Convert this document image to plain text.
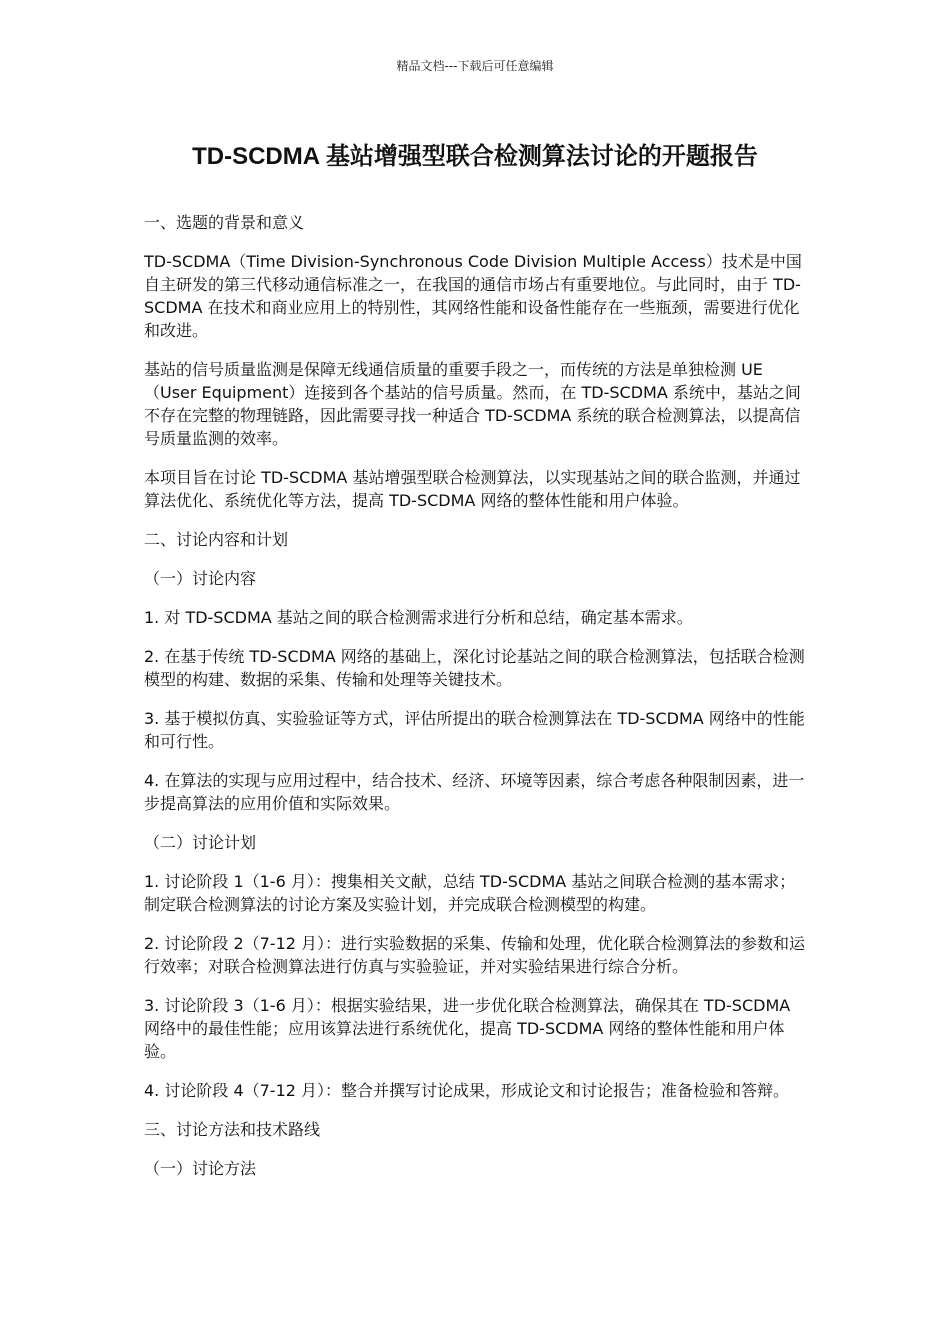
精品文档---下载后可任意编辑
TD-SCDMA 基站增强型联合检测算法讨论的开题报告

一、选题的背景和意义

TD-SCDMA（Time Division-Synchronous Code Division Multiple Access）技术是中国自主研发的第三代移动通信标准之一，在我国的通信市场占有重要地位。与此同时，由于 TD-SCDMA 在技术和商业应用上的特别性，其网络性能和设备性能存在一些瓶颈，需要进行优化和改进。

基站的信号质量监测是保障无线通信质量的重要手段之一，而传统的方法是单独检测 UE（User Equipment）连接到各个基站的信号质量。然而，在 TD-SCDMA 系统中，基站之间不存在完整的物理链路，因此需要寻找一种适合 TD-SCDMA 系统的联合检测算法，以提高信号质量监测的效率。

本项目旨在讨论 TD-SCDMA 基站增强型联合检测算法，以实现基站之间的联合监测，并通过算法优化、系统优化等方法，提高 TD-SCDMA 网络的整体性能和用户体验。

二、讨论内容和计划

（一）讨论内容

1. 对 TD-SCDMA 基站之间的联合检测需求进行分析和总结，确定基本需求。

2. 在基于传统 TD-SCDMA 网络的基础上，深化讨论基站之间的联合检测算法，包括联合检测模型的构建、数据的采集、传输和处理等关键技术。

3. 基于模拟仿真、实验验证等方式，评估所提出的联合检测算法在 TD-SCDMA 网络中的性能和可行性。

4. 在算法的实现与应用过程中，结合技术、经济、环境等因素，综合考虑各种限制因素，进一步提高算法的应用价值和实际效果。

（二）讨论计划

1. 讨论阶段 1（1-6 月）：搜集相关文献，总结 TD-SCDMA 基站之间联合检测的基本需求；制定联合检测算法的讨论方案及实验计划，并完成联合检测模型的构建。

2. 讨论阶段 2（7-12 月）：进行实验数据的采集、传输和处理，优化联合检测算法的参数和运行效率；对联合检测算法进行仿真与实验验证，并对实验结果进行综合分析。

3. 讨论阶段 3（1-6 月）：根据实验结果，进一步优化联合检测算法，确保其在 TD-SCDMA 网络中的最佳性能；应用该算法进行系统优化，提高 TD-SCDMA 网络的整体性能和用户体验。

4. 讨论阶段 4（7-12 月）：整合并撰写讨论成果，形成论文和讨论报告；准备检验和答辩。

三、讨论方法和技术路线

（一）讨论方法
